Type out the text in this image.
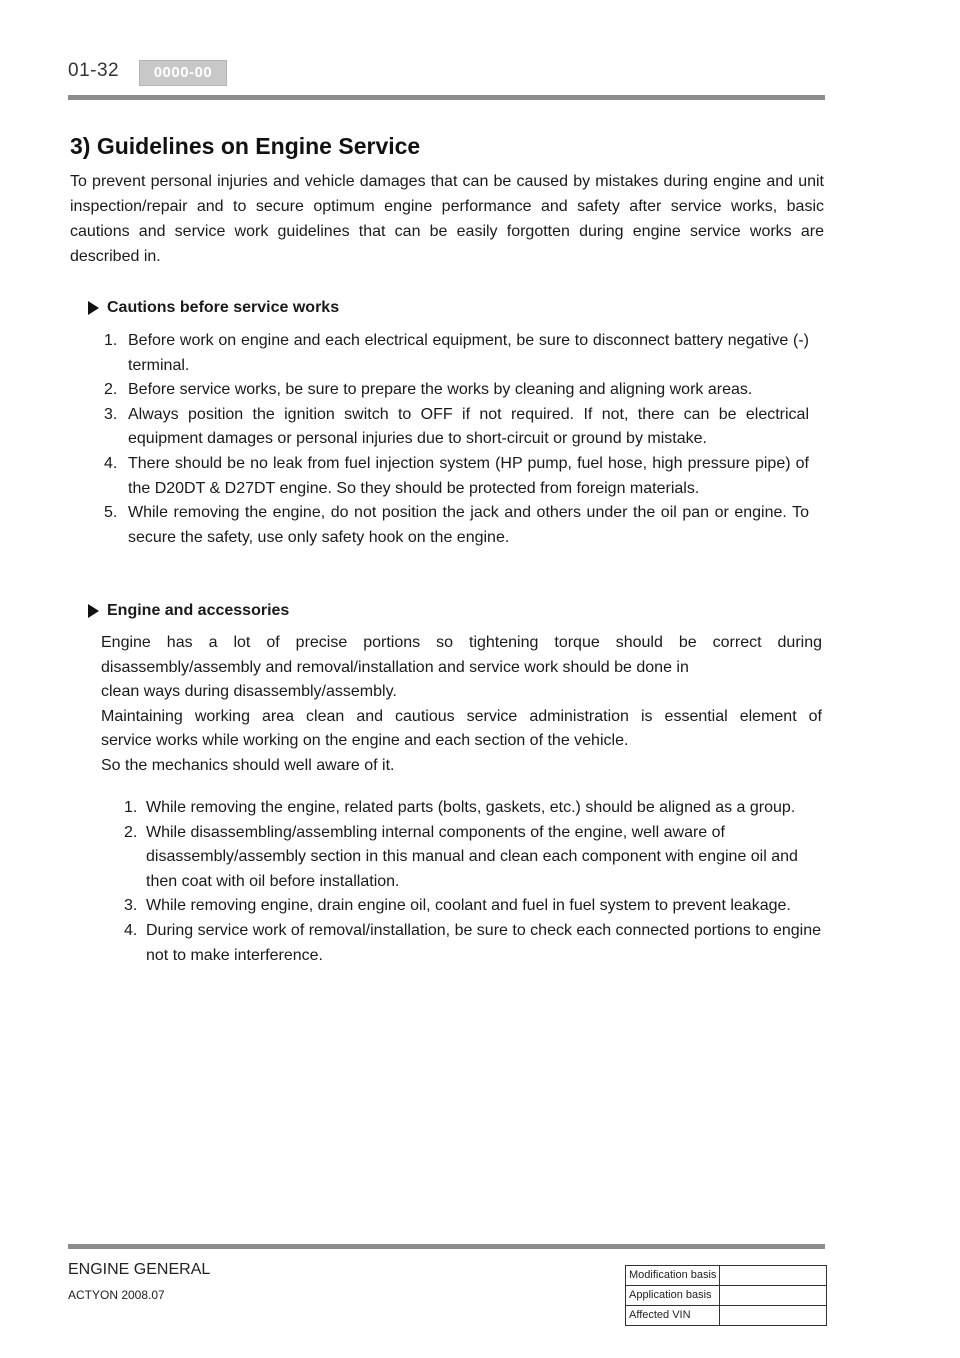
01-32	0000-00
3) Guidelines on Engine Service

To prevent personal injuries and vehicle damages that can be caused by mistakes during engine and unit inspection/repair and to secure optimum engine performance and safety after service works, basic cautions and service work guidelines that can be easily forgotten during engine service works are described in.

Cautions before service works
1. Before work on engine and each electrical equipment, be sure to disconnect battery negative (-) terminal.
2. Before service works, be sure to prepare the works by cleaning and aligning work areas.
3. Always position the ignition switch to OFF if not required. If not, there can be electrical equipment damages or personal injuries due to short-circuit or ground by mistake.
4. There should be no leak from fuel injection system (HP pump, fuel hose, high pressure pipe) of the D20DT & D27DT engine. So they should be protected from foreign materials.
5. While removing the engine, do not position the jack and others under the oil pan or engine. To secure the safety, use only safety hook on the engine.
Engine and accessories

Engine has a lot of precise portions so tightening torque should be correct during
disassembly/assembly and removal/installation and service work should be done in
clean ways during disassembly/assembly.
Maintaining working area clean and cautious service administration is essential element of
service works while working on the engine and each section of the vehicle.
So the mechanics should well aware of it.

1. While removing the engine, related parts (bolts, gaskets, etc.) should be aligned as a group.
2. While disassembling/assembling internal components of the engine, well aware of disassembly/assembly section in this manual and clean each component with engine oil and then coat with oil before installation.
3. While removing engine, drain engine oil, coolant and fuel in fuel system to prevent leakage.
4. During service work of removal/installation, be sure to check each connected portions to engine not to make interference.
ENGINE GENERAL
ACTYON 2008.07
Modification basis	
Application basis	
Affected VIN	
